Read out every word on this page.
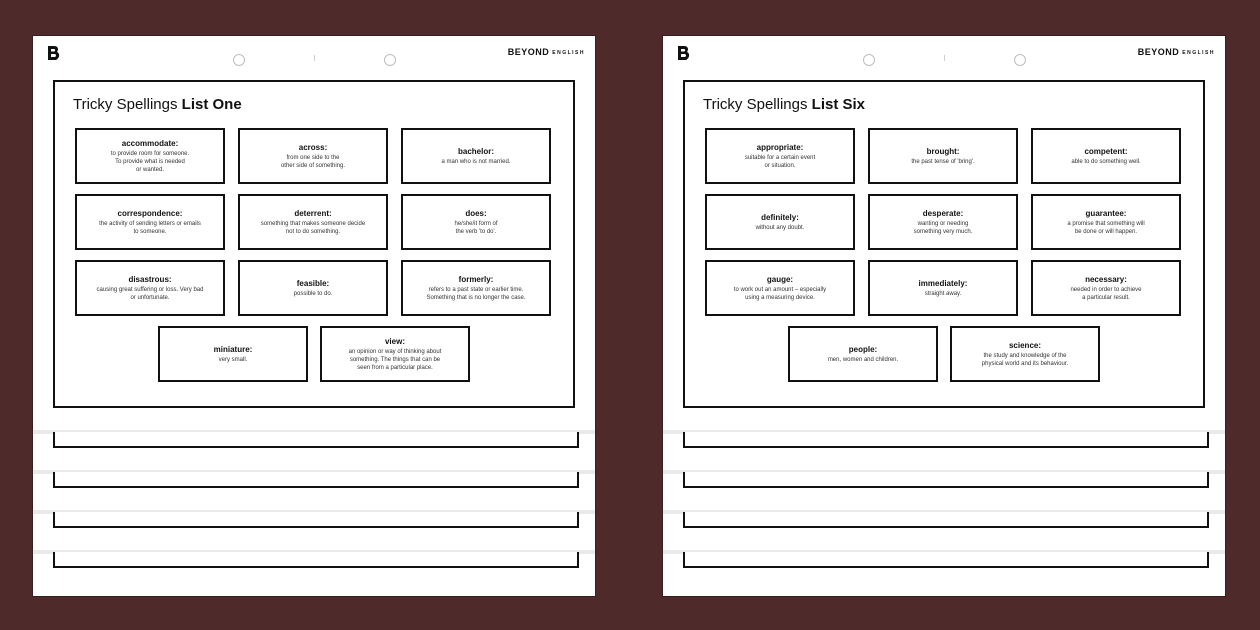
BEYOND ENGLISH
Tricky Spellings List One
accommodate:
to provide room for someone.
To provide what is needed
or wanted.
across:
from one side to the
other side of something.
bachelor:
a man who is not married.
correspondence:
the activity of sending letters or emails
to someone.
deterrent:
something that makes someone decide
not to do something.
does:
he/she/it form of
the verb 'to do'.
disastrous:
causing great suffering or loss. Very bad
or unfortunate.
feasible:
possible to do.
formerly:
refers to a past state or earlier time.
Something that is no longer the case.
miniature:
very small.
view:
an opinion or way of thinking about
something. The things that can be
seen from a particular place.
BEYOND ENGLISH
Tricky Spellings List Six
appropriate:
suitable for a certain event
or situation.
brought:
the past tense of 'bring'.
competent:
able to do something well.
definitely:
without any doubt.
desperate:
wanting or needing
something very much.
guarantee:
a promise that something will
be done or will happen.
gauge:
to work out an amount – especially
using a measuring device.
immediately:
straight away.
necessary:
needed in order to achieve
a particular result.
people:
men, women and children.
science:
the study and knowledge of the
physical world and its behaviour.
